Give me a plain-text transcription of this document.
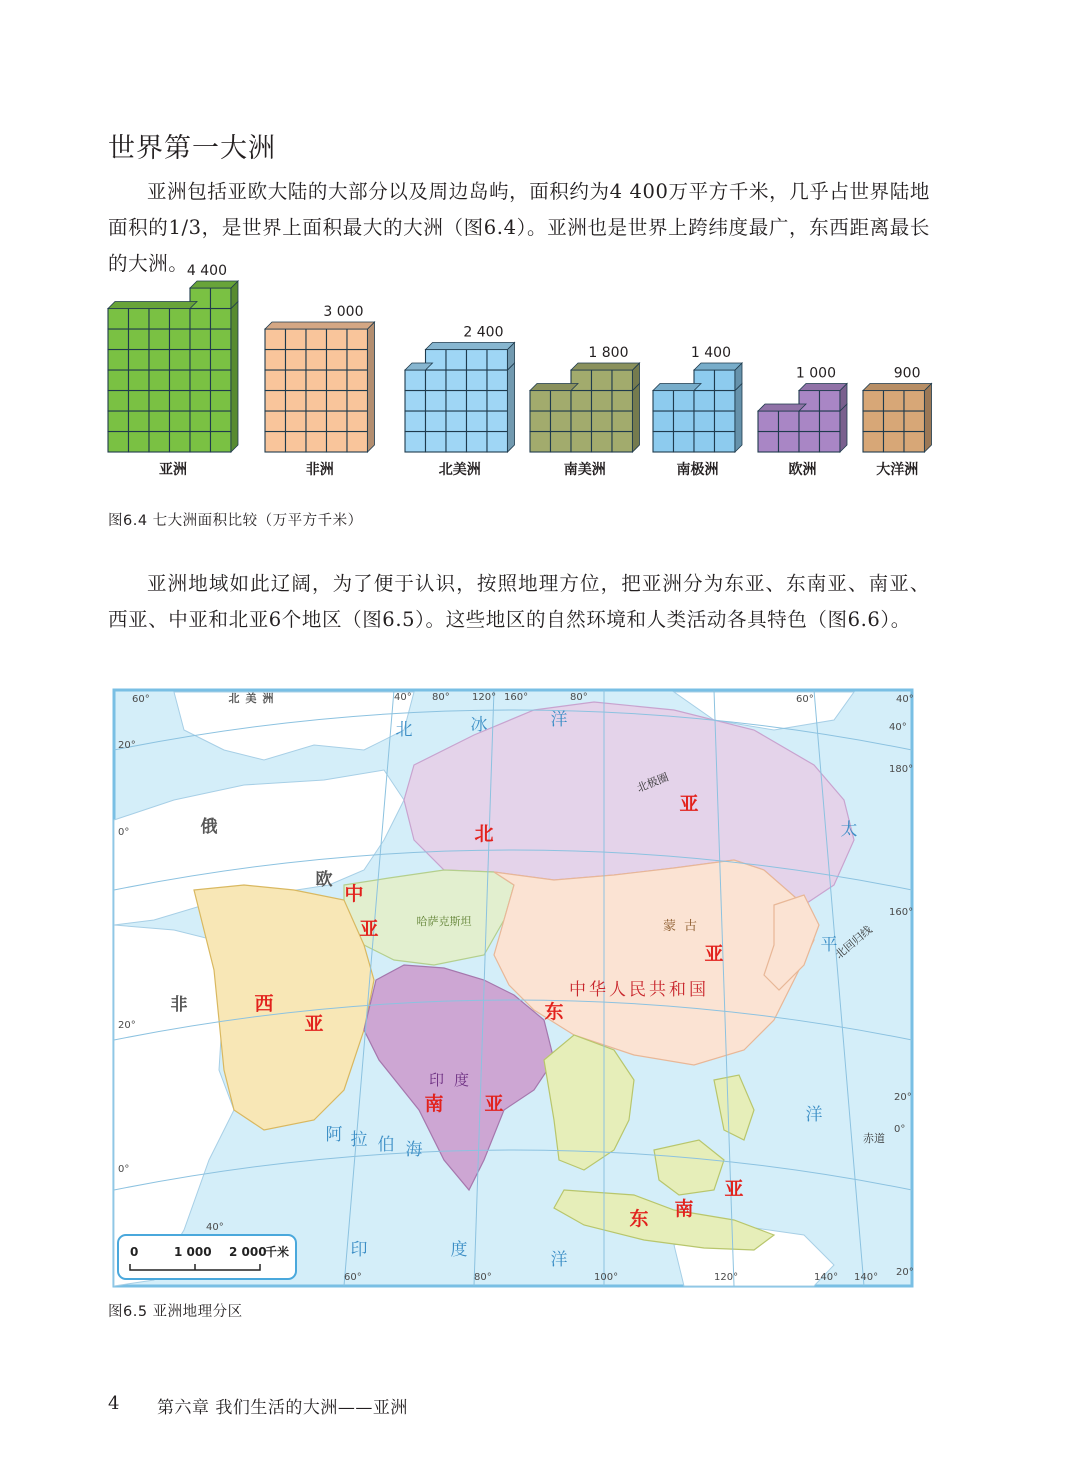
世界第一大洲
亚洲包括亚欧大陆的大部分以及周边岛屿，面积约为4 400万平方千米，几乎占世界陆地面积的1/3，是世界上面积最大的大洲（图6.4）。亚洲也是世界上跨纬度最广，东西距离最长的大洲。
4 400
亚洲
3 000
非洲
2 400
北美洲
1 800
南美洲
1 400
南极洲
1 000
欧洲
900
大洋洲
图6.4 七大洲面积比较（万平方千米）
亚洲地域如此辽阔，为了便于认识，按照地理方位，把亚洲分为东亚、东南亚、南亚、西亚、中亚和北亚6个地区（图6.5）。这些地区的自然环境和人类活动各具特色（图6.6）。
北	冰	洋
太
平
洋
印	度	洋
阿 拉 伯 海
北
亚
中
亚
东
亚
西
亚
南 亚
东 南
亚
中华人民共和国
印度
蒙古
哈萨克斯坦
俄
欧
非
北美洲
北极圈
北回归线
赤道
60°	40° 80° 120° 160°	80°	60°
140°
100°
80°
60°	120°	140°
20°
0°
20°
0°
40°
40°
20°
0°
20°
40°
180°
160°
0	1 000 2 000
千米
图6.5 亚洲地理分区
4 第六章 我们生活的大洲——亚洲
